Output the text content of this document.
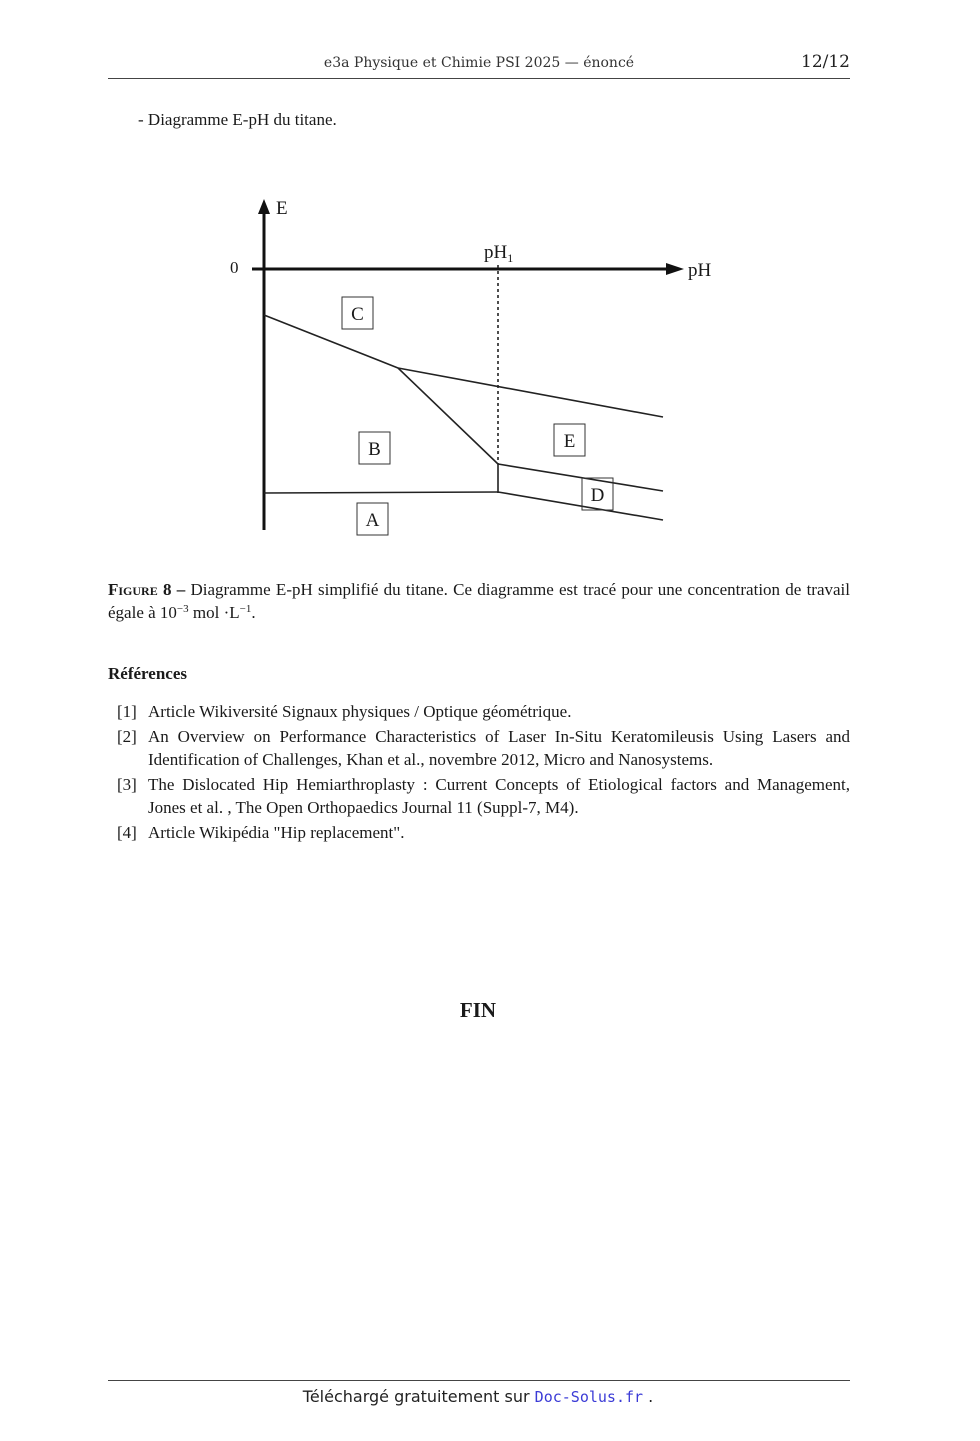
e3a Physique et Chimie PSI 2025 — énoncé	12/12
- Diagramme E-pH du titane.
E
pH
0
$pH_1$
C
B	E
D
A
Figure 8 – Diagramme E-pH simplifié du titane. Ce diagramme est tracé pour une concentration de travail égale à $10^{-3}$ mol $\cdot L^{-1}$.
Références
[1] Article Wikiversité Signaux physiques / Optique géométrique.
[2] An Overview on Performance Characteristics of Laser In-Situ Keratomileusis Using Lasers and Identification of Challenges, Khan et al., novembre 2012, Micro and Nanosystems.
[3] The Dislocated Hip Hemiarthroplasty : Current Concepts of Etiological factors and Management, Jones et al. , The Open Orthopaedics Journal 11 (Suppl-7, M4).
[4] Article Wikipédia "Hip replacement".
FIN
Téléchargé gratuitement sur Doc-Solus.fr .
